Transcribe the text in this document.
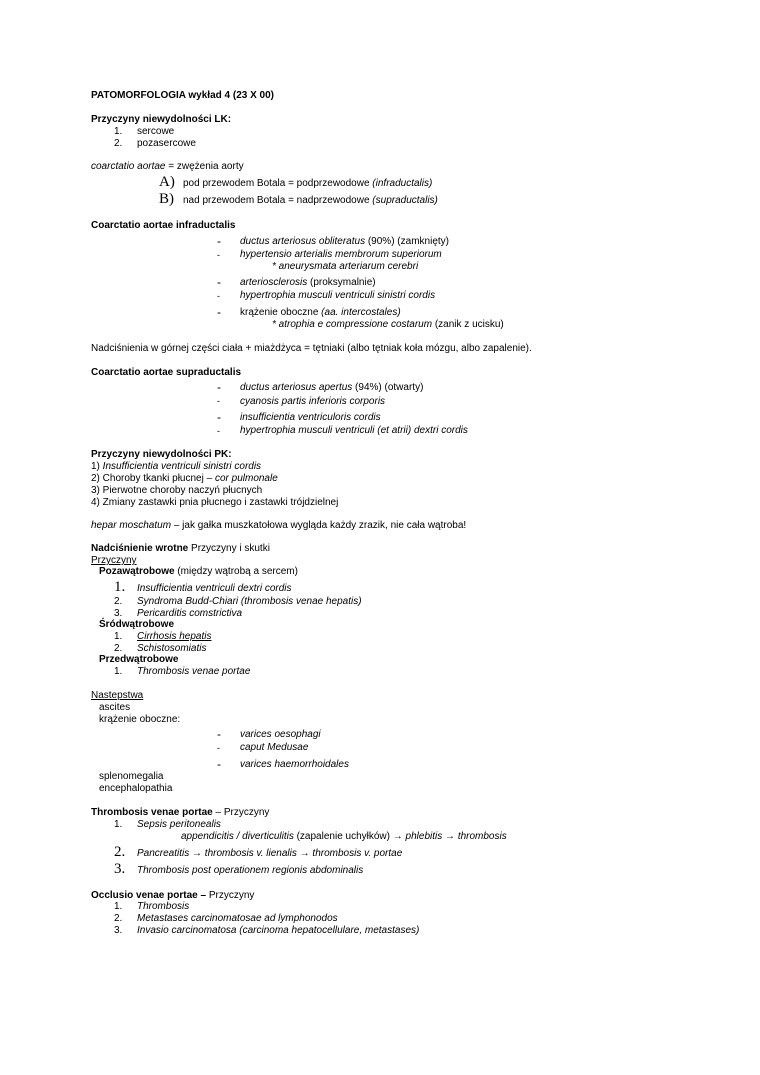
PATOMORFOLOGIA wykład 4 (23 X 00)
Przyczyny niewydolności LK:
1. sercowe
2. pozasercowe
coarctatio aortae = zwężenia aorty
A) pod przewodem Botala = podprzewodowe (infraductalis)
B) nad przewodem Botala = nadprzewodowe (supraductalis)
Coarctatio aortae infraductalis
- ductus arteriosus obliteratus (90%) (zamknięty)
- hypertensio arterialis membrorum superiorum
* aneurysmata arteriarum cerebri
- arteriosclerosis (proksymalnie)
- hypertrophia musculi ventriculi sinistri cordis
- krążenie oboczne (aa. intercostales)
* atrophia e compressione costarum (zanik z ucisku)
Nadciśnienia w górnej części ciała + miażdżyca = tętniaki (albo tętniak koła mózgu, albo zapalenie).
Coarctatio aortae supraductalis
- ductus arteriosus apertus (94%) (otwarty)
- cyanosis partis inferioris corporis
- insufficientia ventriculoris cordis
- hypertrophia musculi ventriculi (et atrii) dextri cordis
Przyczyny niewydolności PK:
1) Insufficientia ventriculi sinistri cordis
2) Choroby tkanki płucnej – cor pulmonale
3) Pierwotne choroby naczyń płucnych
4) Zmiany zastawki pnia płucnego i zastawki trójdzielnej
hepar moschatum – jak gałka muszkatołowa wygląda każdy zrazik, nie cała wątroba!
Nadciśnienie wrotne Przyczyny i skutki
Przyczyny
Pozawątrobowe (między wątrobą a sercem)
1. Insufficientia ventriculi dextri cordis
2. Syndroma Budd-Chiari (thrombosis venae hepatis)
3. Pericarditis comstrictiva
Śródwątrobowe
1. Cirrhosis hepatis
2. Schistosomiatis
Przedwątrobowe
1. Thrombosis venae portae
Nastepstwa
ascites
krążenie oboczne:
- varices oesophagi
- caput Medusae
- varices haemorrhoidales
splenomegalia
encephalopathia
Thrombosis venae portae – Przyczyny
1. Sepsis peritonealis
appendicitis / diverticulitis (zapalenie uchyłków) → phlebitis → thrombosis
2. Pancreatitis → thrombosis v. lienalis → thrombosis v. portae
3. Thrombosis post operationem regionis abdominalis
Occlusio venae portae – Przyczyny
1. Thrombosis
2. Metastases carcinomatosae ad lymphonodos
3. Invasio carcinomatosa (carcinoma hepatocellulare, metastases)
